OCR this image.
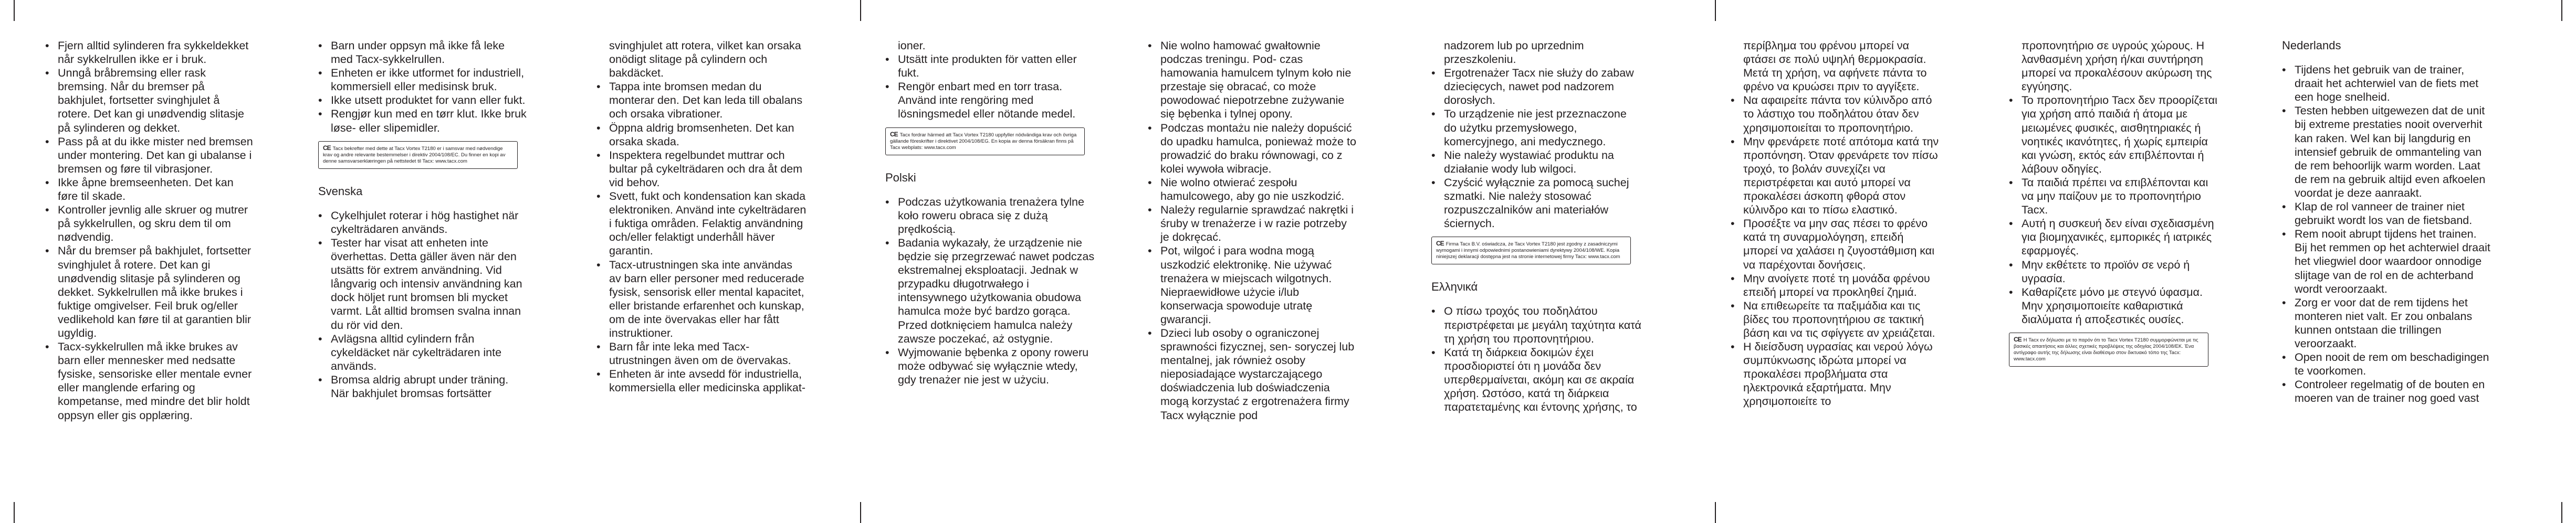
• Fjern alltid sylinderen fra sykkeldekket når sykkelrullen ikke er i bruk.

• Unngå bråbremsing eller rask bremsing. Når du bremser på bakhjulet, fortsetter svinghjulet å rotere. Det kan gi unødvendig slitasje på sylinderen og dekket.

• Pass på at du ikke mister ned bremsen under montering. Det kan gi ubalanse i bremsen og føre til vibrasjoner.

• Ikke åpne bremseenheten. Det kan føre til skade.

• Kontroller jevnlig alle skruer og mutrer på sykkelrullen, og skru dem til om nødvendig.

• Når du bremser på bakhjulet, fortsetter svinghjulet å rotere. Det kan gi unødvendig slitasje på sylinderen og dekket. Sykkelrullen må ikke brukes i fuktige omgivelser. Feil bruk og/eller vedlikehold kan føre til at garantien blir ugyldig.

• Tacx-sykkelrullen må ikke brukes av barn eller mennesker med nedsatte fysiske, sensoriske eller mentale evner eller manglende erfaring og kompetanse, med mindre det blir holdt oppsyn eller gis opplæring.

• Barn under oppsyn må ikke få leke med Tacx-sykkelrullen.

• Enheten er ikke utformet for industriell, kommersiell eller medisinsk bruk.

• Ikke utsett produktet for vann eller fukt.

• Rengjør kun med en tørr klut. Ikke bruk løse- eller slipemidler.

CE Tacx bekrefter med dette at Tacx Vortex T2180 er i samsvar med nødvendige krav og andre relevante bestemmelser i direktiv 2004/108/EC. Du finner en kopi av denne samsvarserklæringen på nettstedet til Tacx: www.tacx.com

Svenska

• Cykelhjulet roterar i hög hastighet när cykelträdaren används.

• Tester har visat att enheten inte överhettas. Detta gäller även när den utsätts för extrem användning. Vid långvarig och intensiv användning kan dock höljet runt bromsen bli mycket varmt. Låt alltid bromsen svalna innan du rör vid den.

• Avlägsna alltid cylindern från cykeldäcket när cykelträdaren inte används.

• Bromsa aldrig abrupt under träning. När bakhjulet bromsas fortsätter

svinghjulet att rotera, vilket kan orsaka onödigt slitage på cylindern och bakdäcket.

• Tappa inte bromsen medan du monterar den. Det kan leda till obalans och orsaka vibrationer.

• Öppna aldrig bromsenheten. Det kan orsaka skada.

• Inspektera regelbundet muttrar och bultar på cykelträdaren och dra åt dem vid behov.

• Svett, fukt och kondensation kan skada elektroniken. Använd inte cykelträdaren i fuktiga områden. Felaktig användning och/eller felaktigt underhåll häver garantin.

• Tacx-utrustningen ska inte användas av barn eller personer med reducerade fysisk, sensorisk eller mental kapacitet, eller bristande erfarenhet och kunskap, om de inte övervakas eller har fått instruktioner.

• Barn får inte leka med Tacx-utrustningen även om de övervakas.

• Enheten är inte avsedd för industriella, kommersiella eller medicinska applikat-

ioner.

• Utsätt inte produkten för vatten eller fukt.

• Rengör enbart med en torr trasa. Använd inte rengöring med lösningsmedel eller nötande medel.

CE Tacx fordrar härmed att Tacx Vortex T2180 uppfyller nödvändiga krav och övriga gällande föreskrifter i direktivet 2004/108/EG. En kopia av denna försäkran finns på Tacx webplats: www.tacx.com

Polski

• Podczas użytkowania trenażera tylne koło roweru obraca się z dużą prędkością.

• Badania wykazały, że urządzenie nie będzie się przegrzewać nawet podczas ekstremalnej eksploatacji. Jednak w przypadku długotrwałego i intensywnego użytkowania obudowa hamulca może być bardzo gorąca. Przed dotknięciem hamulca należy zawsze poczekać, aż ostygnie.

• Wyjmowanie bębenka z opony roweru może odbywać się wyłącznie wtedy, gdy trenażer nie jest w użyciu.

• Nie wolno hamować gwałtownie podczas treningu. Pod- czas hamowania hamulcem tylnym koło nie przestaje się obracać, co może powodować niepotrzebne zużywanie się bębenka i tylnej opony.

• Podczas montażu nie należy dopuścić do upadku hamulca, ponieważ może to prowadzić do braku równowagi, co z kolei wywoła wibracje.

• Nie wolno otwierać zespołu hamulcowego, aby go nie uszkodzić.

• Należy regularnie sprawdzać nakrętki i śruby w trenażerze i w razie potrzeby je dokręcać.

• Pot, wilgoć i para wodna mogą uszkodzić elektronikę. Nie używać trenażera w miejscach wilgotnych. Niepraewidłowe użycie i/lub konserwacja spowoduje utratę gwarancji.

• Dzieci lub osoby o ograniczonej sprawności fizycznej, sen- soryczej lub mentalnej, jak również osoby nieposiadające wystarczającego doświadczenia lub doświadczenia mogą korzystać z ergotrenażera firmy Tacx wyłącznie pod

nadzorem lub po uprzednim przeszkoleniu.

• Ergotrenażer Tacx nie służy do zabaw dziecięcych, nawet pod nadzorem dorosłych.

• To urządzenie nie jest przeznaczone do użytku przemysłowego, komercyjnego, ani medycznego.

• Nie należy wystawiać produktu na działanie wody lub wilgoci.

• Czyścić wyłącznie za pomocą suchej szmatki. Nie należy stosować rozpuszczalników ani materiałów ściernych.

CE Firma Tacx B.V. oświadcza, że Tacx Vortex T2180 jest zgodny z zasadniczymi wymogami i innymi odpowiednimi postanowieniami dyrektywy 2004/108/WE. Kopia niniejszej deklaracji dostępna jest na stronie internetowej firmy Tacx: www.tacx.com

Ελληνικά

• Ο πίσω τροχός του ποδηλάτου περιστρέφεται με μεγάλη ταχύτητα κατά τη χρήση του προπονητήριου.

• Κατά τη διάρκεια δοκιμών έχει προσδιοριστεί ότι η μονάδα δεν υπερθερμαίνεται, ακόμη και σε ακραία χρήση. Ωστόσο, κατά τη διάρκεια παρατεταμένης και έντονης χρήσης, το

περίβλημα του φρένου μπορεί να φτάσει σε πολύ υψηλή θερμοκρασία. Μετά τη χρήση, να αφήνετε πάντα το φρένο να κρυώσει πριν το αγγίξετε.

• Να αφαιρείτε πάντα τον κύλινδρο από το λάστιχο του ποδηλάτου όταν δεν χρησιμοποιείται το προπονητήριο.

• Μην φρενάρετε ποτέ απότομα κατά την προπόνηση. Όταν φρενάρετε τον πίσω τροχό, το βολάν συνεχίζει να περιστρέφεται και αυτό μπορεί να προκαλέσει άσκοπη φθορά στον κύλινδρο και το πίσω ελαστικό.

• Προσέξτε να μην σας πέσει το φρένο κατά τη συναρμολόγηση, επειδή μπορεί να χαλάσει η ζυγοστάθμιση και να παρέχονται δονήσεις.

• Μην ανοίγετε ποτέ τη μονάδα φρένου επειδή μπορεί να προκληθεί ζημιά.

• Να επιθεωρείτε τα παξιμάδια και τις βίδες του προπονητήριου σε τακτική βάση και να τις σφίγγετε αν χρειάζεται.

• Η διείσδυση υγρασίας και νερού λόγω συμπύκνωσης ιδρώτα μπορεί να προκαλέσει προβλήματα στα ηλεκτρονικά εξαρτήματα. Μην χρησιμοποιείτε το

προπονητήριο σε υγρούς χώρους. Η λανθασμένη χρήση ή/και συντήρηση μπορεί να προκαλέσουν ακύρωση της εγγύησης.

• Το προπονητήριο Tacx δεν προορίζεται για χρήση από παιδιά ή άτομα με μειωμένες φυσικές, αισθητηριακές ή νοητικές ικανότητες, ή χωρίς εμπειρία και γνώση, εκτός εάν επιβλέπονται ή λάβουν οδηγίες.

• Τα παιδιά πρέπει να επιβλέπονται και να μην παίζουν με το προπονητήριο Tacx.

• Αυτή η συσκευή δεν είναι σχεδιασμένη για βιομηχανικές, εμπορικές ή ιατρικές εφαρμογές.

• Μην εκθέτετε το προϊόν σε νερό ή υγρασία.

• Καθαρίζετε μόνο με στεγνό ύφασμα. Μην χρησιμοποιείτε καθαριστικά διαλύματα ή αποξεστικές ουσίες.

CE Η Tacx εν δήλωσει με το παρόν ότι το Tacx Vortex T2180 συμμορφώνεται με τις βασικές απαιτήσεις και άλλες σχετικές προβλέψεις της οδηγίας 2004/108/ΕΚ. Ένα αντίγραφο αυτής της δήλωσης είναι διαθέσιμο στον δικτυακό τόπο της Tacx: www.tacx.com

Nederlands

• Tijdens het gebruik van de trainer, draait het achterwiel van de fiets met een hoge snelheid.

• Testen hebben uitgewezen dat de unit bij extreme prestaties nooit oververhit kan raken. Wel kan bij langdurig en intensief gebruik de ommanteling van de rem behoorlijk warm worden. Laat de rem na gebruik altijd even afkoelen voordat je deze aanraakt.

• Klap de rol vanneer de trainer niet gebruikt wordt los van de fietsband.

• Rem nooit abrupt tijdens het trainen. Bij het remmen op het achterwiel draait het vliegwiel door waardoor onnodige slijtage van de rol en de achterband wordt veroorzaakt.

• Zorg er voor dat de rem tijdens het monteren niet valt. Er zou onbalans kunnen ontstaan die trillingen veroorzaakt.

• Open nooit de rem om beschadigingen te voorkomen.

• Controleer regelmatig of de bouten en moeren van de trainer nog goed vast
